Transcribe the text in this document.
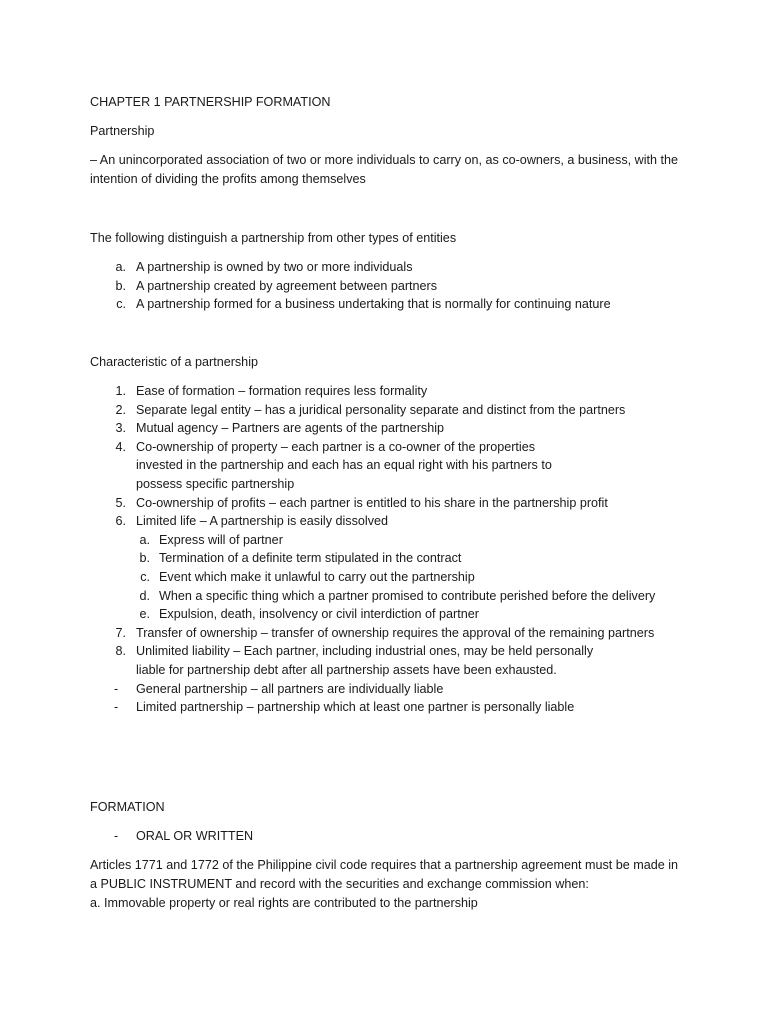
CHAPTER 1 PARTNERSHIP FORMATION
Partnership

– An unincorporated association of two or more individuals to carry on, as co-owners, a business, with the intention of dividing the profits among themselves

The following distinguish a partnership from other types of entities
a. A partnership is owned by two or more individuals
b. A partnership created by agreement between partners
c. A partnership formed for a business undertaking that is normally for continuing nature
Characteristic of a partnership
1. Ease of formation – formation requires less formality
2. Separate legal entity – has a juridical personality separate and distinct from the partners
3. Mutual agency – Partners are agents of the partnership
4. Co-ownership of property – each partner is a co-owner of the properties invested in the partnership and each has an equal right with his partners to possess specific partnership
5. Co-ownership of profits – each partner is entitled to his share in the partnership profit
6. Limited life – A partnership is easily dissolved
a. Express will of partner
b. Termination of a definite term stipulated in the contract
c. Event which make it unlawful to carry out the partnership
d. When a specific thing which a partner promised to contribute perished before the delivery
e. Expulsion, death, insolvency or civil interdiction of partner
7. Transfer of ownership – transfer of ownership requires the approval of the remaining partners
8. Unlimited liability – Each partner, including industrial ones, may be held personally liable for partnership debt after all partnership assets have been exhausted.
-	General partnership – all partners are individually liable
-	Limited partnership – partnership which at least one partner is personally liable
FORMATION
-	ORAL OR WRITTEN

Articles 1771 and 1772 of the Philippine civil code requires that a partnership agreement must be made in a PUBLIC INSTRUMENT and record with the securities and exchange commission when:

a. Immovable property or real rights are contributed to the partnership
